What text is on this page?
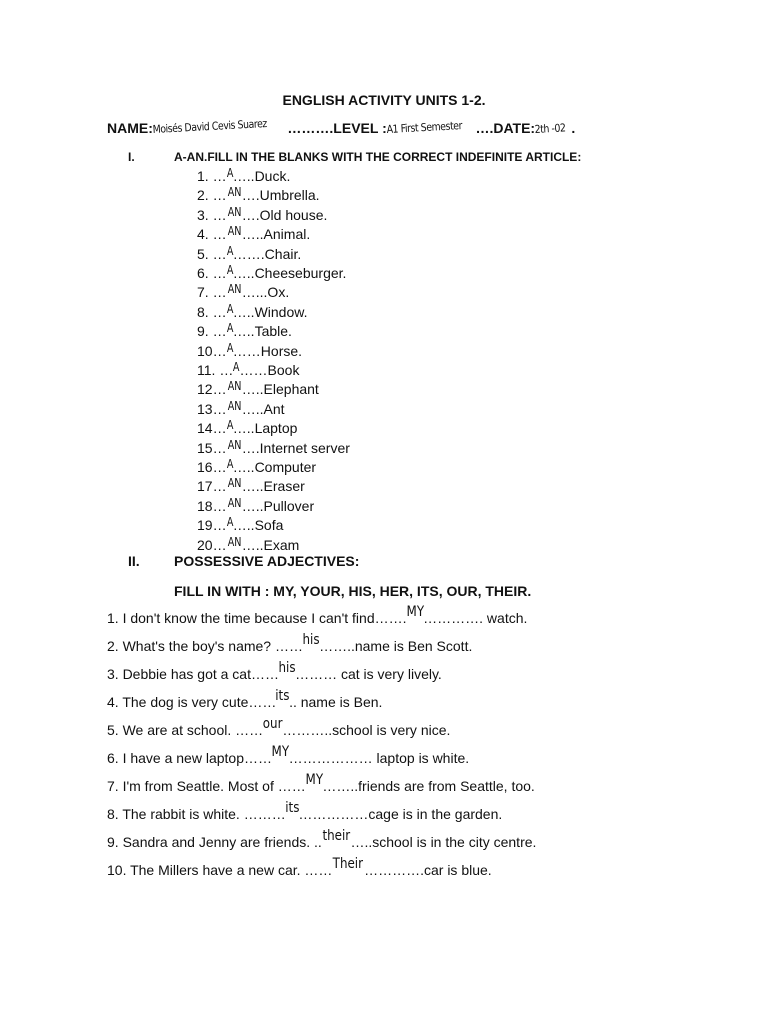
ENGLISH ACTIVITY UNITS 1-2.
NAME:Moisés David Cevis Suarez ……….LEVEL :A1 First Semester ….DATE:2th -02 .
I.	A-AN.FILL IN THE BLANKS WITH THE CORRECT INDEFINITE ARTICLE:
1. …A…..Duck.
2. …AN….Umbrella.
3. …AN….Old house.
4. …AN…..Animal.
5. …A…….Chair.
6. …A…..Cheeseburger.
7. …AN…...Ox.
8. …A…..Window.
9. …A…..Table.
10…A……Horse.
11. …A……Book
12…AN…..Elephant
13…AN…..Ant
14…A…..Laptop
15…AN….Internet server
16…A…..Computer
17…AN…..Eraser
18…AN…..Pullover
19…A…..Sofa
20…AN…..Exam
II. POSSESSIVE ADJECTIVES:
FILL IN WITH : MY, YOUR, HIS, HER, ITS, OUR, THEIR.
1. I don't know the time because I can't find…….MY…………. watch.
2. What's the boy's name? ……his……..name is Ben Scott.
3. Debbie has got a cat……his……… cat is very lively.
4. The dog is very cute……its.. name is Ben.
5. We are at school. ……our………..school is very nice.
6. I have a new laptop……MY……………… laptop is white.
7. I'm from Seattle. Most of ……MY……..friends are from Seattle, too.
8. The rabbit is white. ………its……………cage is in the garden.
9. Sandra and Jenny are friends. ..their…..school is in the city centre.
10. The Millers have a new car. ……Their………….car is blue.
